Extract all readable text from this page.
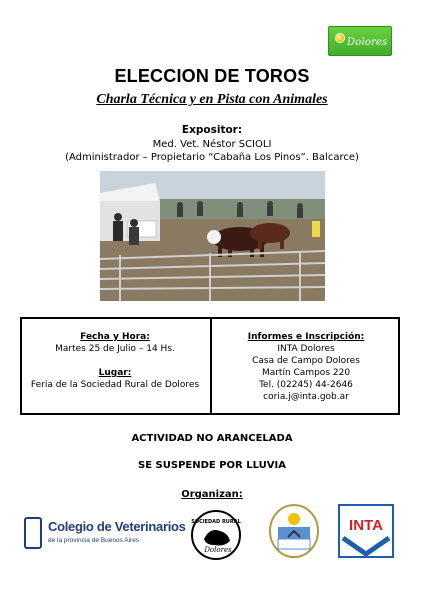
Dolores
ELECCION DE TOROS
Charla Técnica y en Pista con Animales
Expositor:
Med. Vet. Néstor SCIOLI
(Administrador – Propietario “Cabaña Los Pinos”. Balcarce)
Fecha y Hora:
Martes 25 de Julio – 14 Hs.
Lugar:
Feria de la Sociedad Rural de Dolores
Informes e Inscripción:
INTA Dolores
Casa de Campo Dolores
Martín Campos 220
Tel. (02245) 44-2646
coria.j@inta.gob.ar
ACTIVIDAD NO ARANCELADA
SE SUSPENDE POR LLUVIA
Organizan:
Colegio de Veterinarios
de la provincia de Buenos Aires
SOCIEDAD RURAL
Dolores
INTA
